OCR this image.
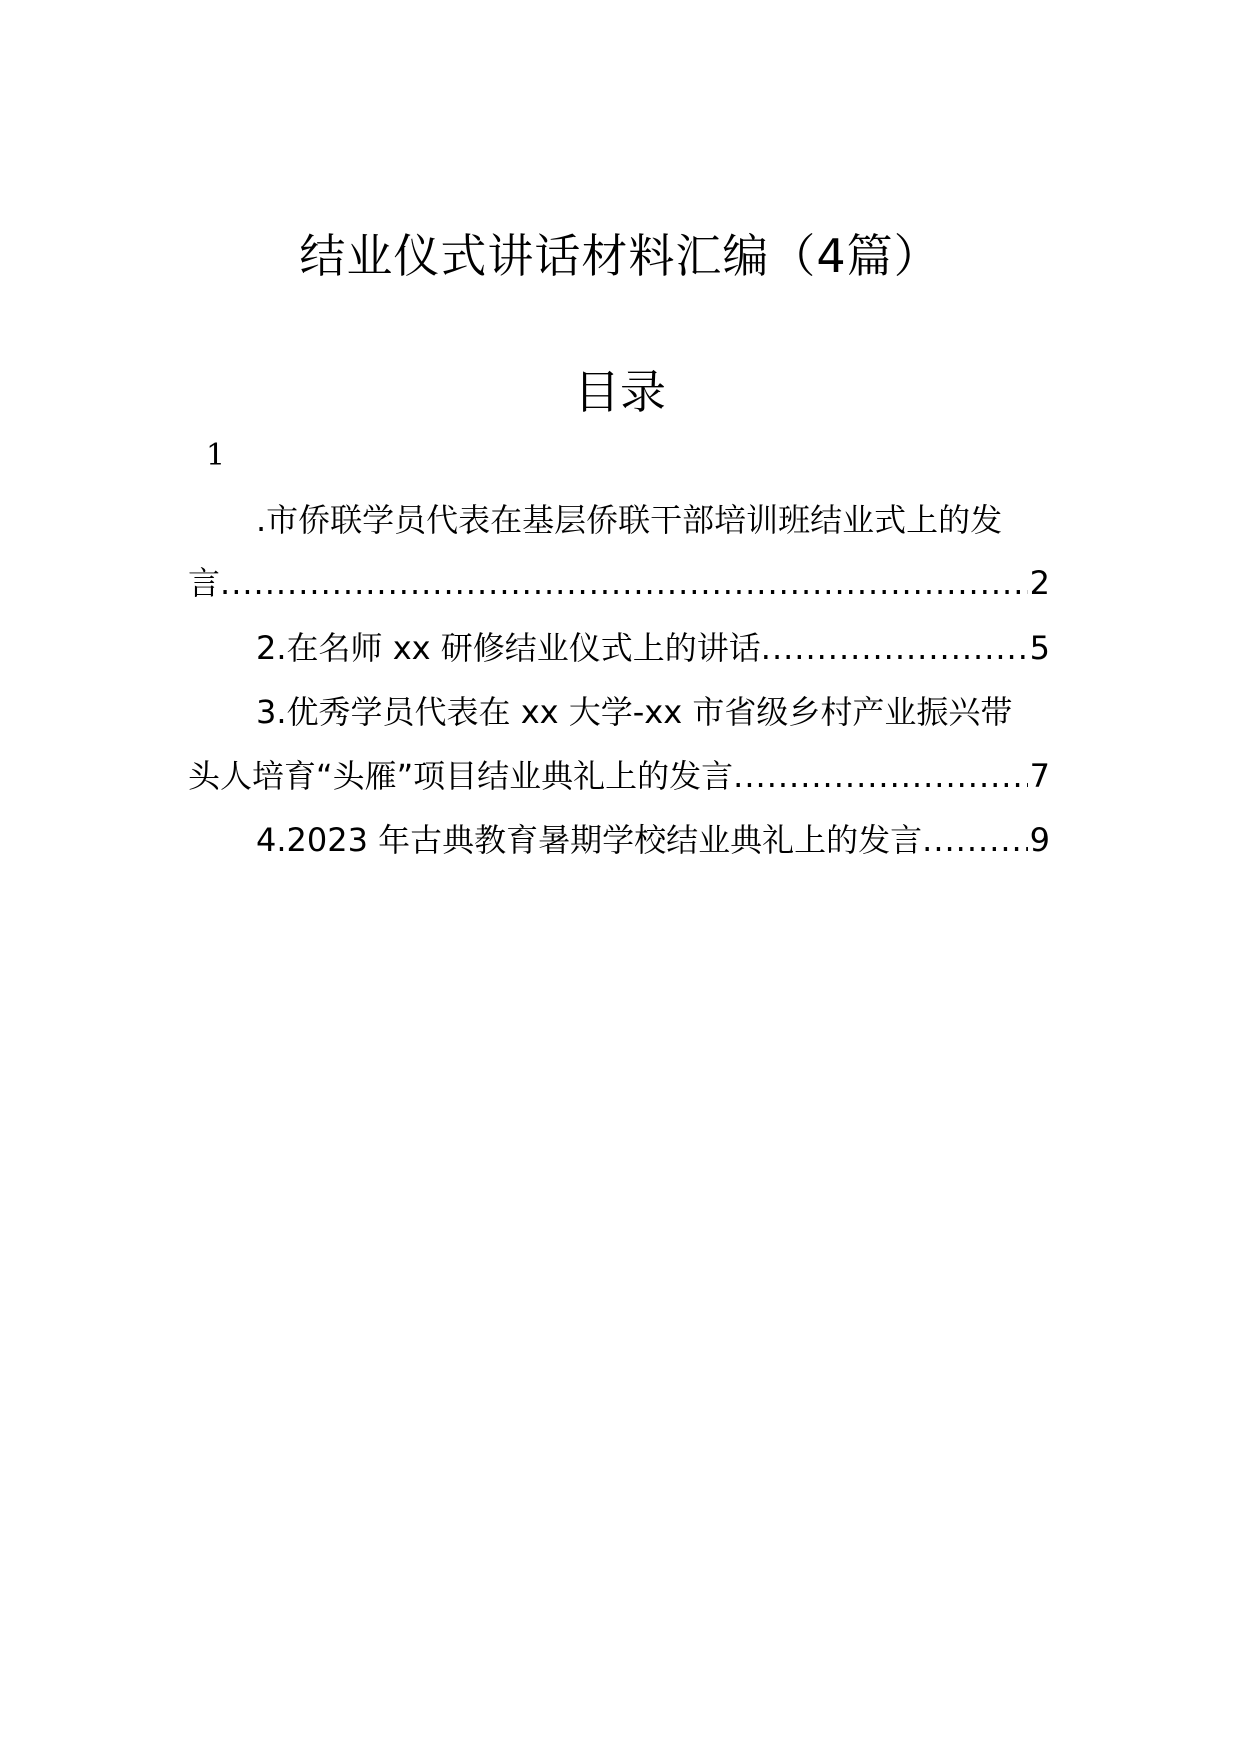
结业仪式讲话材料汇编（4篇）
目录
1
.市侨联学员代表在基层侨联干部培训班结业式上的发
言 .....	2
2.在名师 xx 研修结业仪式上的讲话 .....	5
3.优秀学员代表在 xx 大学-xx 市省级乡村产业振兴带
头人培育“头雁”项目结业典礼上的发言 .....	7
4.2023 年古典教育暑期学校结业典礼上的发言 .....	9
